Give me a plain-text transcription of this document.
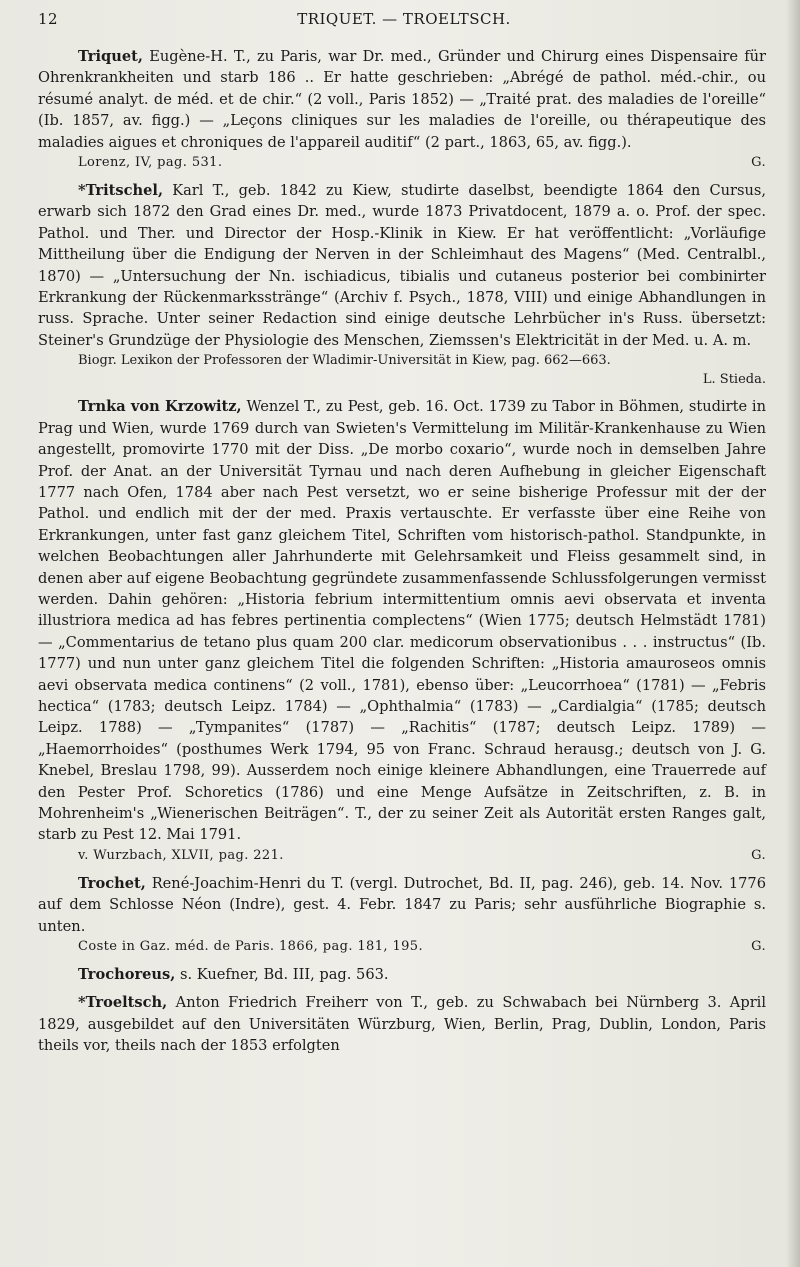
12	TRIQUET. — TROELTSCH.

Triquet, Eugène-H. T., zu Paris, war Dr. med., Gründer und Chirurg eines Dispensaire für Ohrenkrankheiten und starb 186 .. Er hatte geschrieben: „Abrégé de pathol. méd.-chir., ou résumé analyt. de méd. et de chir.“ (2 voll., Paris 1852) — „Traité prat. des maladies de l'oreille“ (Ib. 1857, av. figg.) — „Leçons cliniques sur les maladies de l'oreille, ou thérapeutique des maladies aigues et chroniques de l'appareil auditif“ (2 part., 1863, 65, av. figg.).

Lorenz, IV, pag. 531.	G.

*Tritschel, Karl T., geb. 1842 zu Kiew, studirte daselbst, beendigte 1864 den Cursus, erwarb sich 1872 den Grad eines Dr. med., wurde 1873 Privatdocent, 1879 a. o. Prof. der spec. Pathol. und Ther. und Director der Hosp.-Klinik in Kiew. Er hat veröffentlicht: „Vorläufige Mittheilung über die Endigung der Nerven in der Schleimhaut des Magens“ (Med. Centralbl., 1870) — „Untersuchung der Nn. ischiadicus, tibialis und cutaneus posterior bei combinirter Erkrankung der Rückenmarksstränge“ (Archiv f. Psych., 1878, VIII) und einige Abhandlungen in russ. Sprache. Unter seiner Redaction sind einige deutsche Lehrbücher in's Russ. übersetzt: Steiner's Grundzüge der Physiologie des Menschen, Ziemssen's Elektricität in der Med. u. A. m.

Biogr. Lexikon der Professoren der Wladimir-Universität in Kiew, pag. 662—663.
L. Stieda.

Trnka von Krzowitz, Wenzel T., zu Pest, geb. 16. Oct. 1739 zu Tabor in Böhmen, studirte in Prag und Wien, wurde 1769 durch van Swieten's Vermittelung im Militär-Krankenhause zu Wien angestellt, promovirte 1770 mit der Diss. „De morbo coxario“, wurde noch in demselben Jahre Prof. der Anat. an der Universität Tyrnau und nach deren Aufhebung in gleicher Eigenschaft 1777 nach Ofen, 1784 aber nach Pest versetzt, wo er seine bisherige Professur mit der der Pathol. und endlich mit der der med. Praxis vertauschte. Er verfasste über eine Reihe von Erkrankungen, unter fast ganz gleichem Titel, Schriften vom historisch-pathol. Standpunkte, in welchen Beobachtungen aller Jahrhunderte mit Gelehrsamkeit und Fleiss gesammelt sind, in denen aber auf eigene Beobachtung gegründete zusammenfassende Schlussfolgerungen vermisst werden. Dahin gehören: „Historia febrium intermittentium omnis aevi observata et inventa illustriora medica ad has febres pertinentia complectens“ (Wien 1775; deutsch Helmstädt 1781) — „Commentarius de tetano plus quam 200 clar. medicorum observationibus . . . instructus“ (Ib. 1777) und nun unter ganz gleichem Titel die folgenden Schriften: „Historia amauroseos omnis aevi observata medica continens“ (2 voll., 1781), ebenso über: „Leucorrhoea“ (1781) — „Febris hectica“ (1783; deutsch Leipz. 1784) — „Ophthalmia“ (1783) — „Cardialgia“ (1785; deutsch Leipz. 1788) — „Tympanites“ (1787) — „Rachitis“ (1787; deutsch Leipz. 1789) — „Haemorrhoides“ (posthumes Werk 1794, 95 von Franc. Schraud herausg.; deutsch von J. G. Knebel, Breslau 1798, 99). Ausserdem noch einige kleinere Abhandlungen, eine Trauerrede auf den Pester Prof. Schoretics (1786) und eine Menge Aufsätze in Zeitschriften, z. B. in Mohrenheim's „Wienerischen Beiträgen“. T., der zu seiner Zeit als Autorität ersten Ranges galt, starb zu Pest 12. Mai 1791.

v. Wurzbach, XLVII, pag. 221.	G.

Trochet, René-Joachim-Henri du T. (vergl. Dutrochet, Bd. II, pag. 246), geb. 14. Nov. 1776 auf dem Schlosse Néon (Indre), gest. 4. Febr. 1847 zu Paris; sehr ausführliche Biographie s. unten.

Coste in Gaz. méd. de Paris. 1866, pag. 181, 195.	G.

Trochoreus, s. Kuefner, Bd. III, pag. 563.

*Troeltsch, Anton Friedrich Freiherr von T., geb. zu Schwabach bei Nürnberg 3. April 1829, ausgebildet auf den Universitäten Würzburg, Wien, Berlin, Prag, Dublin, London, Paris theils vor, theils nach der 1853 erfolgten
